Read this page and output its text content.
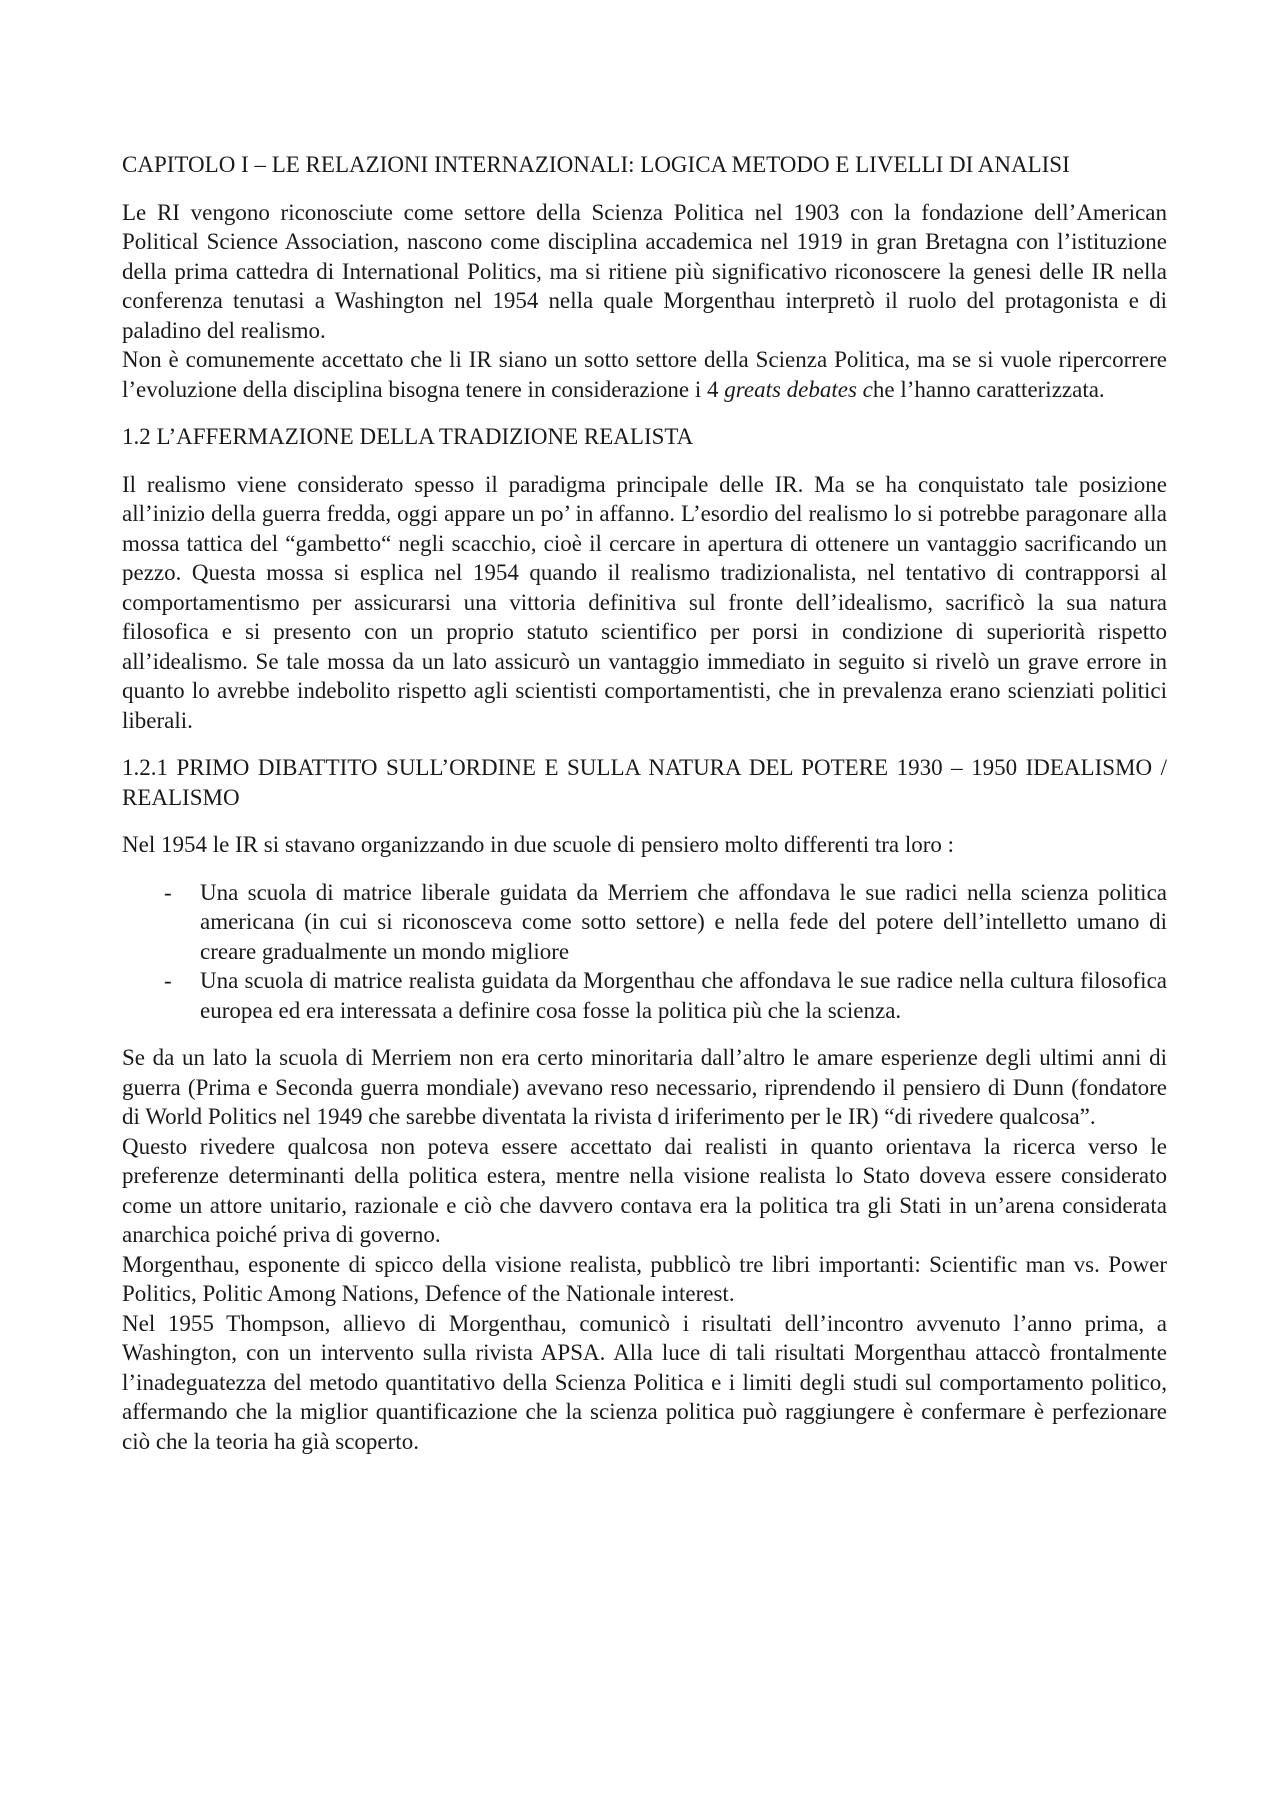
CAPITOLO I – LE RELAZIONI INTERNAZIONALI: LOGICA METODO E LIVELLI DI ANALISI

Le RI vengono riconosciute come settore della Scienza Politica nel 1903 con la fondazione dell’American Political Science Association, nascono come disciplina accademica nel 1919 in gran Bretagna con l’istituzione della prima cattedra di International Politics, ma si ritiene più significativo riconoscere la genesi delle IR nella conferenza tenutasi a Washington nel 1954 nella quale Morgenthau interpretò il ruolo del protagonista e di paladino del realismo.

Non è comunemente accettato che li IR siano un sotto settore della Scienza Politica, ma se si vuole ripercorrere l’evoluzione della disciplina bisogna tenere in considerazione i 4 greats debates che l’hanno caratterizzata.

1.2 L’AFFERMAZIONE DELLA TRADIZIONE REALISTA

Il realismo viene considerato spesso il paradigma principale delle IR. Ma se ha conquistato tale posizione all’inizio della guerra fredda, oggi appare un po’ in affanno. L’esordio del realismo lo si potrebbe paragonare alla mossa tattica del “gambetto“ negli scacchio, cioè il cercare in apertura di ottenere un vantaggio sacrificando un pezzo. Questa mossa si esplica nel 1954 quando il realismo tradizionalista, nel tentativo di contrapporsi al comportamentismo per assicurarsi una vittoria definitiva sul fronte dell’idealismo, sacrificò la sua natura filosofica e si presento con un proprio statuto scientifico per porsi in condizione di superiorità rispetto all’idealismo. Se tale mossa da un lato assicurò un vantaggio immediato in seguito si rivelò un grave errore in quanto lo avrebbe indebolito rispetto agli scientisti comportamentisti, che in prevalenza erano scienziati politici liberali.

1.2.1 PRIMO DIBATTITO SULL’ORDINE E SULLA NATURA DEL POTERE 1930 – 1950 IDEALISMO / REALISMO

Nel 1954 le IR si stavano organizzando in due scuole di pensiero molto differenti tra loro :

- Una scuola di matrice liberale guidata da Merriem che affondava le sue radici nella scienza politica americana (in cui si riconosceva come sotto settore) e nella fede del potere dell’intelletto umano di creare gradualmente un mondo migliore
- Una scuola di matrice realista guidata da Morgenthau che affondava le sue radice nella cultura filosofica europea ed era interessata a definire cosa fosse la politica più che la scienza.

Se da un lato la scuola di Merriem non era certo minoritaria dall’altro le amare esperienze degli ultimi anni di guerra (Prima e Seconda guerra mondiale) avevano reso necessario, riprendendo il pensiero di Dunn (fondatore di World Politics nel 1949 che sarebbe diventata la rivista d iriferimento per le IR) “di rivedere qualcosa”.

Questo rivedere qualcosa non poteva essere accettato dai realisti in quanto orientava la ricerca verso le preferenze determinanti della politica estera, mentre nella visione realista lo Stato doveva essere considerato come un attore unitario, razionale e ciò che davvero contava era la politica tra gli Stati in un’arena considerata anarchica poiché priva di governo.

Morgenthau, esponente di spicco della visione realista, pubblicò tre libri importanti: Scientific man vs. Power Politics, Politic Among Nations, Defence of the Nationale interest.

Nel 1955 Thompson, allievo di Morgenthau, comunicò i risultati dell’incontro avvenuto l’anno prima, a Washington, con un intervento sulla rivista APSA. Alla luce di tali risultati Morgenthau attaccò frontalmente l’inadeguatezza del metodo quantitativo della Scienza Politica e i limiti degli studi sul comportamento politico, affermando che la miglior quantificazione che la scienza politica può raggiungere è confermare è perfezionare ciò che la teoria ha già scoperto.
